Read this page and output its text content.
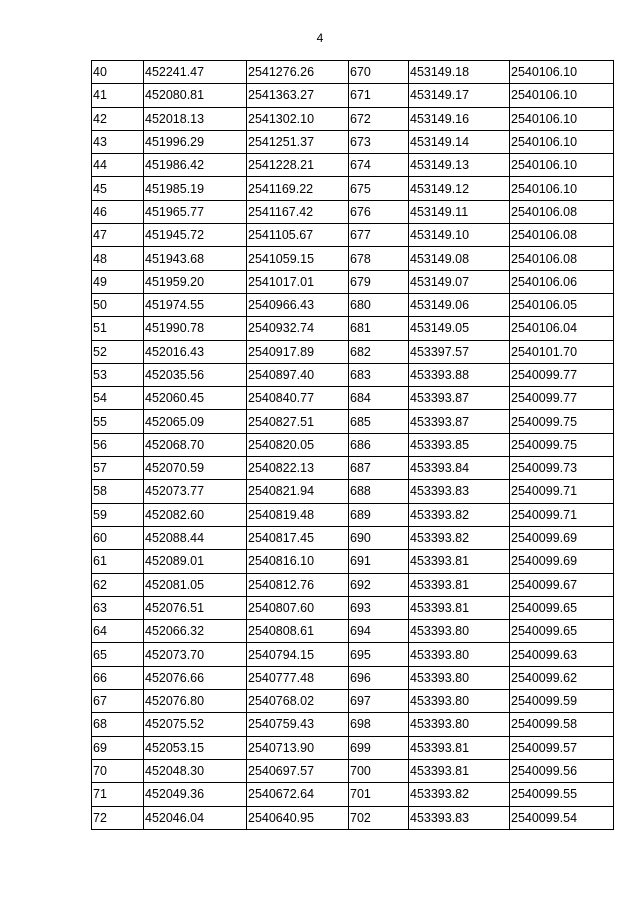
4
40	452241.47	2541276.26	670	453149.18	2540106.10
41	452080.81	2541363.27	671	453149.17	2540106.10
42	452018.13	2541302.10	672	453149.16	2540106.10
43	451996.29	2541251.37	673	453149.14	2540106.10
44	451986.42	2541228.21	674	453149.13	2540106.10
45	451985.19	2541169.22	675	453149.12	2540106.10
46	451965.77	2541167.42	676	453149.11	2540106.08
47	451945.72	2541105.67	677	453149.10	2540106.08
48	451943.68	2541059.15	678	453149.08	2540106.08
49	451959.20	2541017.01	679	453149.07	2540106.06
50	451974.55	2540966.43	680	453149.06	2540106.05
51	451990.78	2540932.74	681	453149.05	2540106.04
52	452016.43	2540917.89	682	453397.57	2540101.70
53	452035.56	2540897.40	683	453393.88	2540099.77
54	452060.45	2540840.77	684	453393.87	2540099.77
55	452065.09	2540827.51	685	453393.87	2540099.75
56	452068.70	2540820.05	686	453393.85	2540099.75
57	452070.59	2540822.13	687	453393.84	2540099.73
58	452073.77	2540821.94	688	453393.83	2540099.71
59	452082.60	2540819.48	689	453393.82	2540099.71
60	452088.44	2540817.45	690	453393.82	2540099.69
61	452089.01	2540816.10	691	453393.81	2540099.69
62	452081.05	2540812.76	692	453393.81	2540099.67
63	452076.51	2540807.60	693	453393.81	2540099.65
64	452066.32	2540808.61	694	453393.80	2540099.65
65	452073.70	2540794.15	695	453393.80	2540099.63
66	452076.66	2540777.48	696	453393.80	2540099.62
67	452076.80	2540768.02	697	453393.80	2540099.59
68	452075.52	2540759.43	698	453393.80	2540099.58
69	452053.15	2540713.90	699	453393.81	2540099.57
70	452048.30	2540697.57	700	453393.81	2540099.56
71	452049.36	2540672.64	701	453393.82	2540099.55
72	452046.04	2540640.95	702	453393.83	2540099.54
